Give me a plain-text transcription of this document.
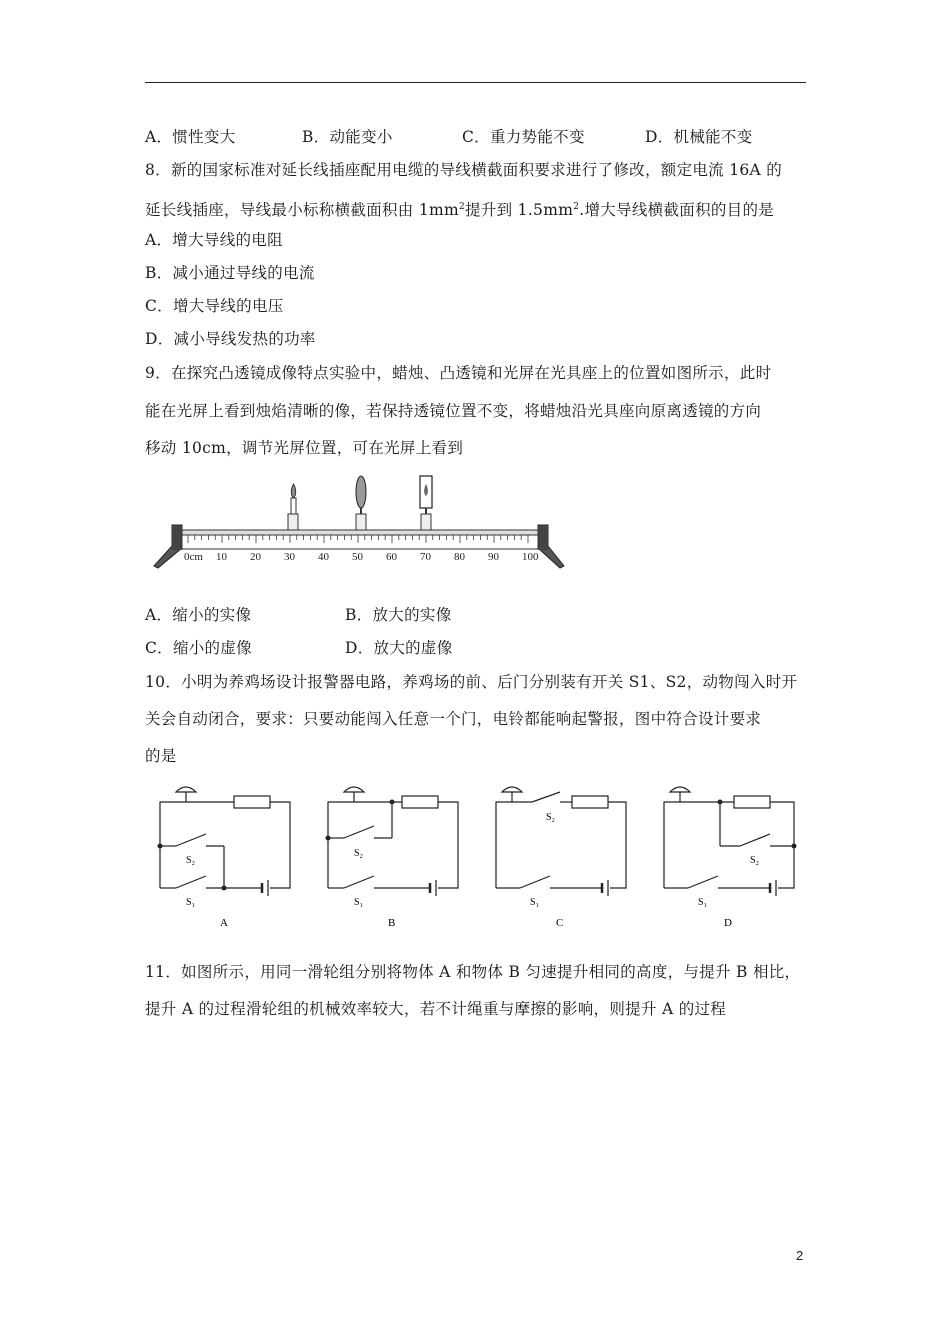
A．惯性变大	B．动能变小	C．重力势能不变	D．机械能不变
8．新的国家标准对延长线插座配用电缆的导线横截面积要求进行了修改，额定电流 16A 的
延长线插座，导线最小标称横截面积由 $1mm^2$提升到 $1.5mm^2$.增大导线横截面积的目的是
A．增大导线的电阻
B．减小通过导线的电流
C．增大导线的电压
D．减小导线发热的功率
9．在探究凸透镜成像特点实验中，蜡烛、凸透镜和光屏在光具座上的位置如图所示，此时
能在光屏上看到烛焰清晰的像，若保持透镜位置不变，将蜡烛沿光具座向原离透镜的方向
移动 10cm，调节光屏位置，可在光屏上看到
0cm 10 20 30 40 50 60 70 80 90 100
A．缩小的实像	B．放大的实像
C．缩小的虚像	D．放大的虚像
10．小明为养鸡场设计报警器电路，养鸡场的前、后门分别装有开关 S1、S2，动物闯入时开
关会自动闭合，要求：只要动能闯入任意一个门，电铃都能响起警报，图中符合设计要求
的是
S₂
S₁
A
S₂
S₁
B
S₂
S₁
C
S₂
S₁
D
11．如图所示，用同一滑轮组分别将物体 A 和物体 B 匀速提升相同的高度，与提升 B 相比，
提升 A 的过程滑轮组的机械效率较大，若不计绳重与摩擦的影响，则提升 A 的过程
2
